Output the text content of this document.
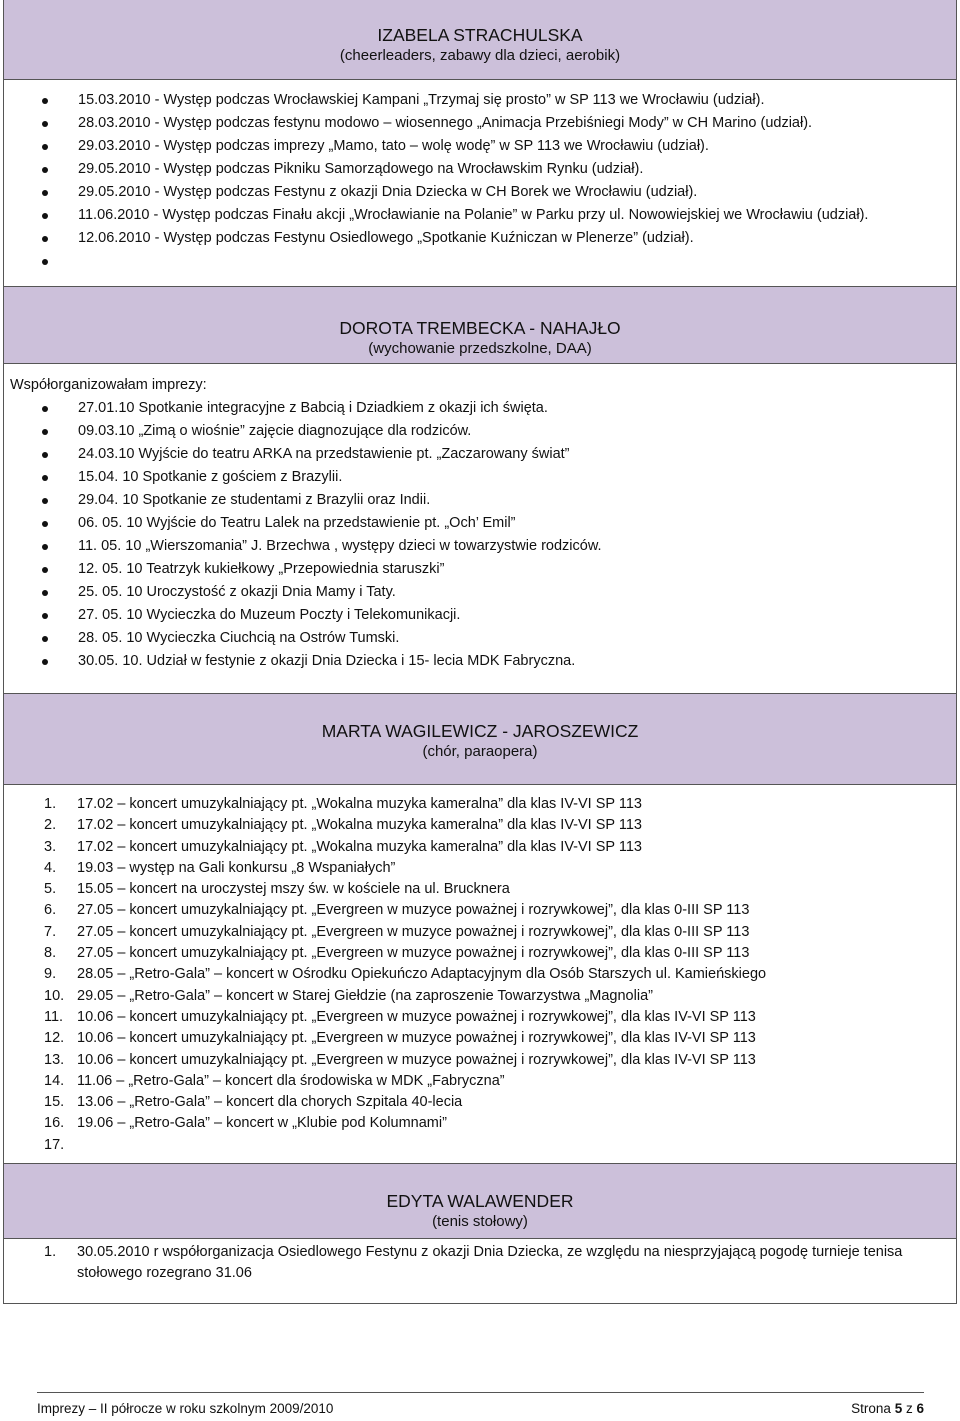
IZABELA STRACHULSKA
(cheerleaders, zabawy dla dzieci, aerobik)
15.03.2010 - Występ podczas Wrocławskiej Kampani „Trzymaj się prosto” w SP 113 we Wrocławiu (udział).
28.03.2010 - Występ podczas festynu modowo – wiosennego „Animacja Przebiśniegi Mody” w CH Marino (udział).
29.03.2010 - Występ podczas imprezy „Mamo, tato – wolę wodę” w SP 113 we Wrocławiu (udział).
29.05.2010 - Występ podczas Pikniku Samorządowego na Wrocławskim Rynku (udział).
29.05.2010 - Występ podczas Festynu z okazji Dnia Dziecka w CH Borek we Wrocławiu (udział).
11.06.2010 - Występ podczas Finału akcji „Wrocławianie na Polanie” w Parku przy ul. Nowowiejskiej we Wrocławiu (udział).
12.06.2010 - Występ podczas Festynu Osiedlowego „Spotkanie Kuźniczan w Plenerze” (udział).
DOROTA TREMBECKA - NAHAJŁO
(wychowanie przedszkolne, DAA)
Współorganizowałam imprezy:
27.01.10 Spotkanie integracyjne z Babcią i Dziadkiem z okazji ich święta.
09.03.10 „Zimą o wiośnie” zajęcie diagnozujące dla rodziców.
24.03.10 Wyjście do teatru ARKA na przedstawienie pt. „Zaczarowany świat”
15.04. 10 Spotkanie z gościem z Brazylii.
29.04. 10 Spotkanie ze studentami z Brazylii oraz Indii.
06. 05. 10 Wyjście do Teatru Lalek na przedstawienie pt. „Och’ Emil”
11. 05. 10 „Wierszomania” J. Brzechwa , występy dzieci w towarzystwie rodziców.
12. 05. 10 Teatrzyk kukiełkowy „Przepowiednia staruszki”
25. 05. 10 Uroczystość z okazji Dnia Mamy i Taty.
27. 05. 10 Wycieczka do Muzeum Poczty i Telekomunikacji.
28. 05. 10 Wycieczka Ciuchcią na Ostrów Tumski.
30.05. 10. Udział w festynie z okazji Dnia Dziecka i 15- lecia MDK Fabryczna.
MARTA WAGILEWICZ - JAROSZEWICZ
(chór, paraopera)
1. 17.02 – koncert umuzykalniający pt. „Wokalna muzyka kameralna” dla klas IV-VI SP 113
2. 17.02 – koncert umuzykalniający pt. „Wokalna muzyka kameralna” dla klas IV-VI SP 113
3. 17.02 – koncert umuzykalniający pt. „Wokalna muzyka kameralna” dla klas IV-VI SP 113
4. 19.03 – występ na Gali konkursu „8 Wspaniałych”
5. 15.05 – koncert na uroczystej mszy św. w kościele na ul. Brucknera
6. 27.05 – koncert umuzykalniający pt. „Evergreen w muzyce poważnej i rozrywkowej”, dla klas 0-III SP 113
7. 27.05 – koncert umuzykalniający pt. „Evergreen w muzyce poważnej i rozrywkowej”, dla klas 0-III SP 113
8. 27.05 – koncert umuzykalniający pt. „Evergreen w muzyce poważnej i rozrywkowej”, dla klas 0-III SP 113
9. 28.05 – „Retro-Gala” – koncert w Ośrodku Opiekuńczo Adaptacyjnym dla Osób Starszych ul. Kamieńskiego
10. 29.05 – „Retro-Gala” – koncert w Starej Giełdzie (na zaproszenie Towarzystwa „Magnolia”
11. 10.06 – koncert umuzykalniający pt. „Evergreen w muzyce poważnej i rozrywkowej”, dla klas IV-VI SP 113
12. 10.06 – koncert umuzykalniający pt. „Evergreen w muzyce poważnej i rozrywkowej”, dla klas IV-VI SP 113
13. 10.06 – koncert umuzykalniający pt. „Evergreen w muzyce poważnej i rozrywkowej”, dla klas IV-VI SP 113
14. 11.06 – „Retro-Gala” – koncert dla środowiska w MDK „Fabryczna”
15. 13.06 – „Retro-Gala” – koncert dla chorych Szpitala 40-lecia
16. 19.06 – „Retro-Gala” – koncert w „Klubie pod Kolumnami”
17.
EDYTA WALAWENDER
(tenis stołowy)
1. 30.05.2010 r współorganizacja Osiedlowego Festynu z okazji Dnia Dziecka, ze względu na niesprzyjającą pogodę turnieje tenisa stołowego rozegrano 31.06
Imprezy – II półrocze w roku szkolnym 2009/2010	Strona 5 z 6
